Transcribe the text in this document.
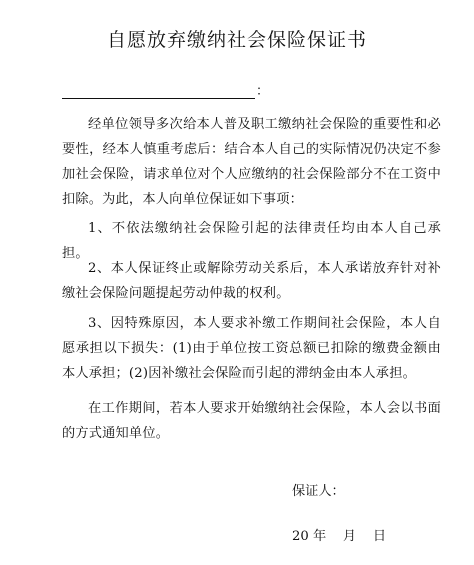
自愿放弃缴纳社会保险保证书
：

经单位领导多次给本人普及职工缴纳社会保险的重要性和必要性，经本人慎重考虑后：结合本人自己的实际情况仍决定不参加社会保险，请求单位对个人应缴纳的社会保险部分不在工资中扣除。为此，本人向单位保证如下事项：

1、不依法缴纳社会保险引起的法律责任均由本人自己承担。

2、本人保证终止或解除劳动关系后，本人承诺放弃针对补缴社会保险问题提起劳动仲裁的权利。

3、因特殊原因，本人要求补缴工作期间社会保险，本人自愿承担以下损失：(1)由于单位按工资总额已扣除的缴费金额由本人承担；(2)因补缴社会保险而引起的滞纳金由本人承担。

在工作期间，若本人要求开始缴纳社会保险，本人会以书面的方式通知单位。

保证人：
20 年    月    日
